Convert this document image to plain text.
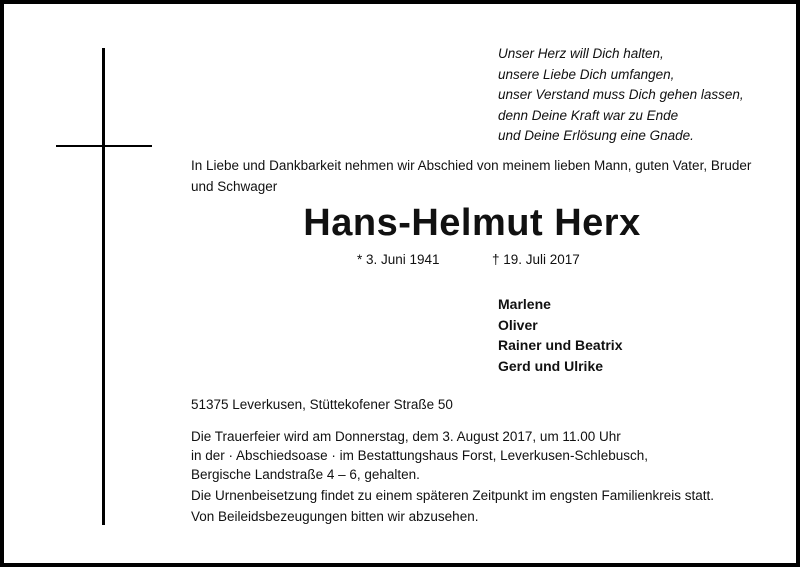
Unser Herz will Dich halten,
unsere Liebe Dich umfangen,
unser Verstand muss Dich gehen lassen,
denn Deine Kraft war zu Ende
und Deine Erlösung eine Gnade.
In Liebe und Dankbarkeit nehmen wir Abschied von meinem lieben Mann, guten Vater, Bruder und Schwager
Hans-Helmut Herx
* 3. Juni 1941	† 19. Juli 2017
Marlene
Oliver
Rainer und Beatrix
Gerd und Ulrike
51375 Leverkusen, Stüttekofener Straße 50
Die Trauerfeier wird am Donnerstag, dem 3. August 2017, um 11.00 Uhr
in der · Abschiedsoase · im Bestattungshaus Forst, Leverkusen-Schlebusch,
Bergische Landstraße 4 – 6, gehalten.
Die Urnenbeisetzung findet zu einem späteren Zeitpunkt im engsten Familienkreis statt.
Von Beileidsbezeugungen bitten wir abzusehen.
